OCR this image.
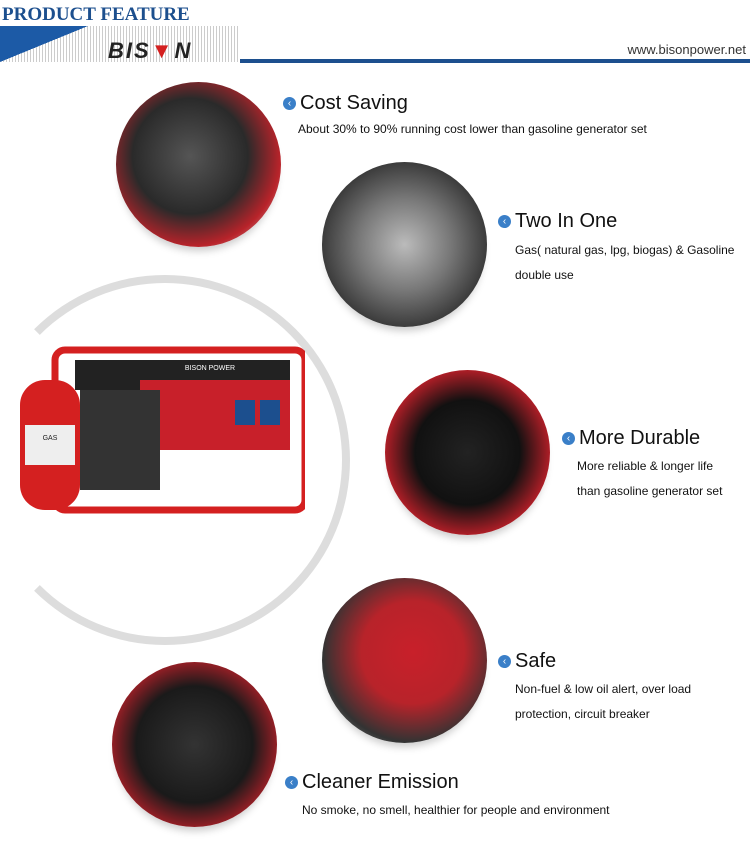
PRODUCT FEATURE
BIS▼N	www.bisonpower.net
GAS
BISON POWER
‹ Cost Saving
About 30% to 90% running cost lower than gasoline generator set
‹ Two In One
Gas( natural gas, lpg, biogas) & Gasoline
double use
‹ More Durable
More reliable & longer life
than gasoline generator set
‹ Safe
Non-fuel & low oil alert, over load
protection, circuit breaker
‹ Cleaner Emission
No smoke, no smell, healthier for people and environment
